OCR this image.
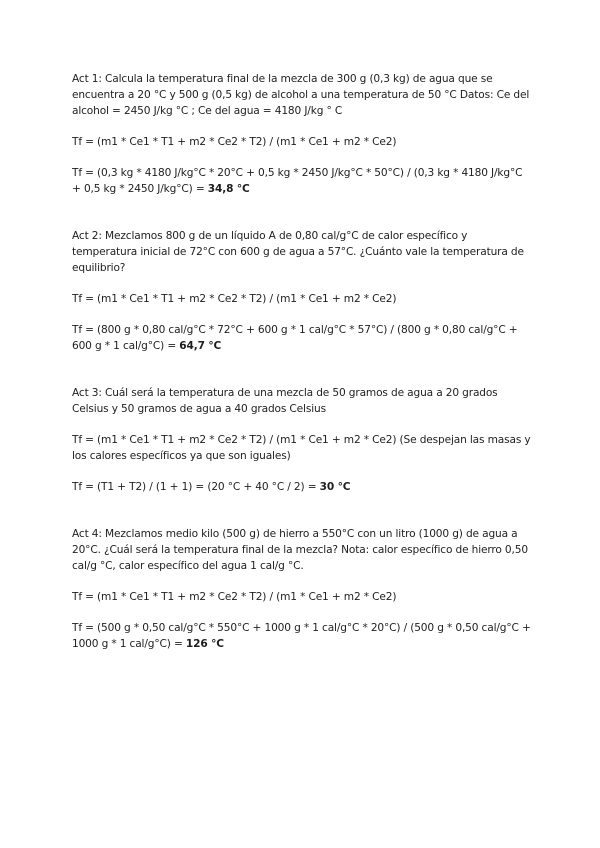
Act 1: Calcula la temperatura final de la mezcla de 300 g (0,3 kg) de agua que se encuentra a 20 °C y 500 g (0,5 kg) de alcohol a una temperatura de 50 °C Datos: Ce del alcohol = 2450 J/kg °C ; Ce del agua = 4180 J/kg ° C

Tf = (m1 * Ce1 * T1 + m2 * Ce2 * T2) / (m1 * Ce1 + m2 * Ce2)

Tf = (0,3 kg * 4180 J/kg°C * 20°C + 0,5 kg * 2450 J/kg°C * 50°C) / (0,3 kg * 4180 J/kg°C + 0,5 kg * 2450 J/kg°C) = 34,8 °C

Act 2: Mezclamos 800 g de un líquido A de 0,80 cal/g°C de calor específico y temperatura inicial de 72°C con 600 g de agua a 57°C. ¿Cuánto vale la temperatura de equilibrio?

Tf = (m1 * Ce1 * T1 + m2 * Ce2 * T2) / (m1 * Ce1 + m2 * Ce2)

Tf = (800 g * 0,80 cal/g°C * 72°C + 600 g * 1 cal/g°C * 57°C) / (800 g * 0,80 cal/g°C + 600 g * 1 cal/g°C) = 64,7 °C

Act 3: Cuál será la temperatura de una mezcla de 50 gramos de agua a 20 grados Celsius y 50 gramos de agua a 40 grados Celsius

Tf = (m1 * Ce1 * T1 + m2 * Ce2 * T2) / (m1 * Ce1 + m2 * Ce2) (Se despejan las masas y los calores específicos ya que son iguales)

Tf = (T1 + T2) / (1 + 1) = (20 °C + 40 °C / 2) = 30 °C

Act 4: Mezclamos medio kilo (500 g) de hierro a 550°C con un litro (1000 g) de agua a 20°C. ¿Cuál será la temperatura final de la mezcla? Nota: calor específico de hierro 0,50 cal/g °C, calor específico del agua 1 cal/g °C.

Tf = (m1 * Ce1 * T1 + m2 * Ce2 * T2) / (m1 * Ce1 + m2 * Ce2)

Tf = (500 g * 0,50 cal/g°C * 550°C + 1000 g * 1 cal/g°C * 20°C) / (500 g * 0,50 cal/g°C + 1000 g * 1 cal/g°C) = 126 °C
